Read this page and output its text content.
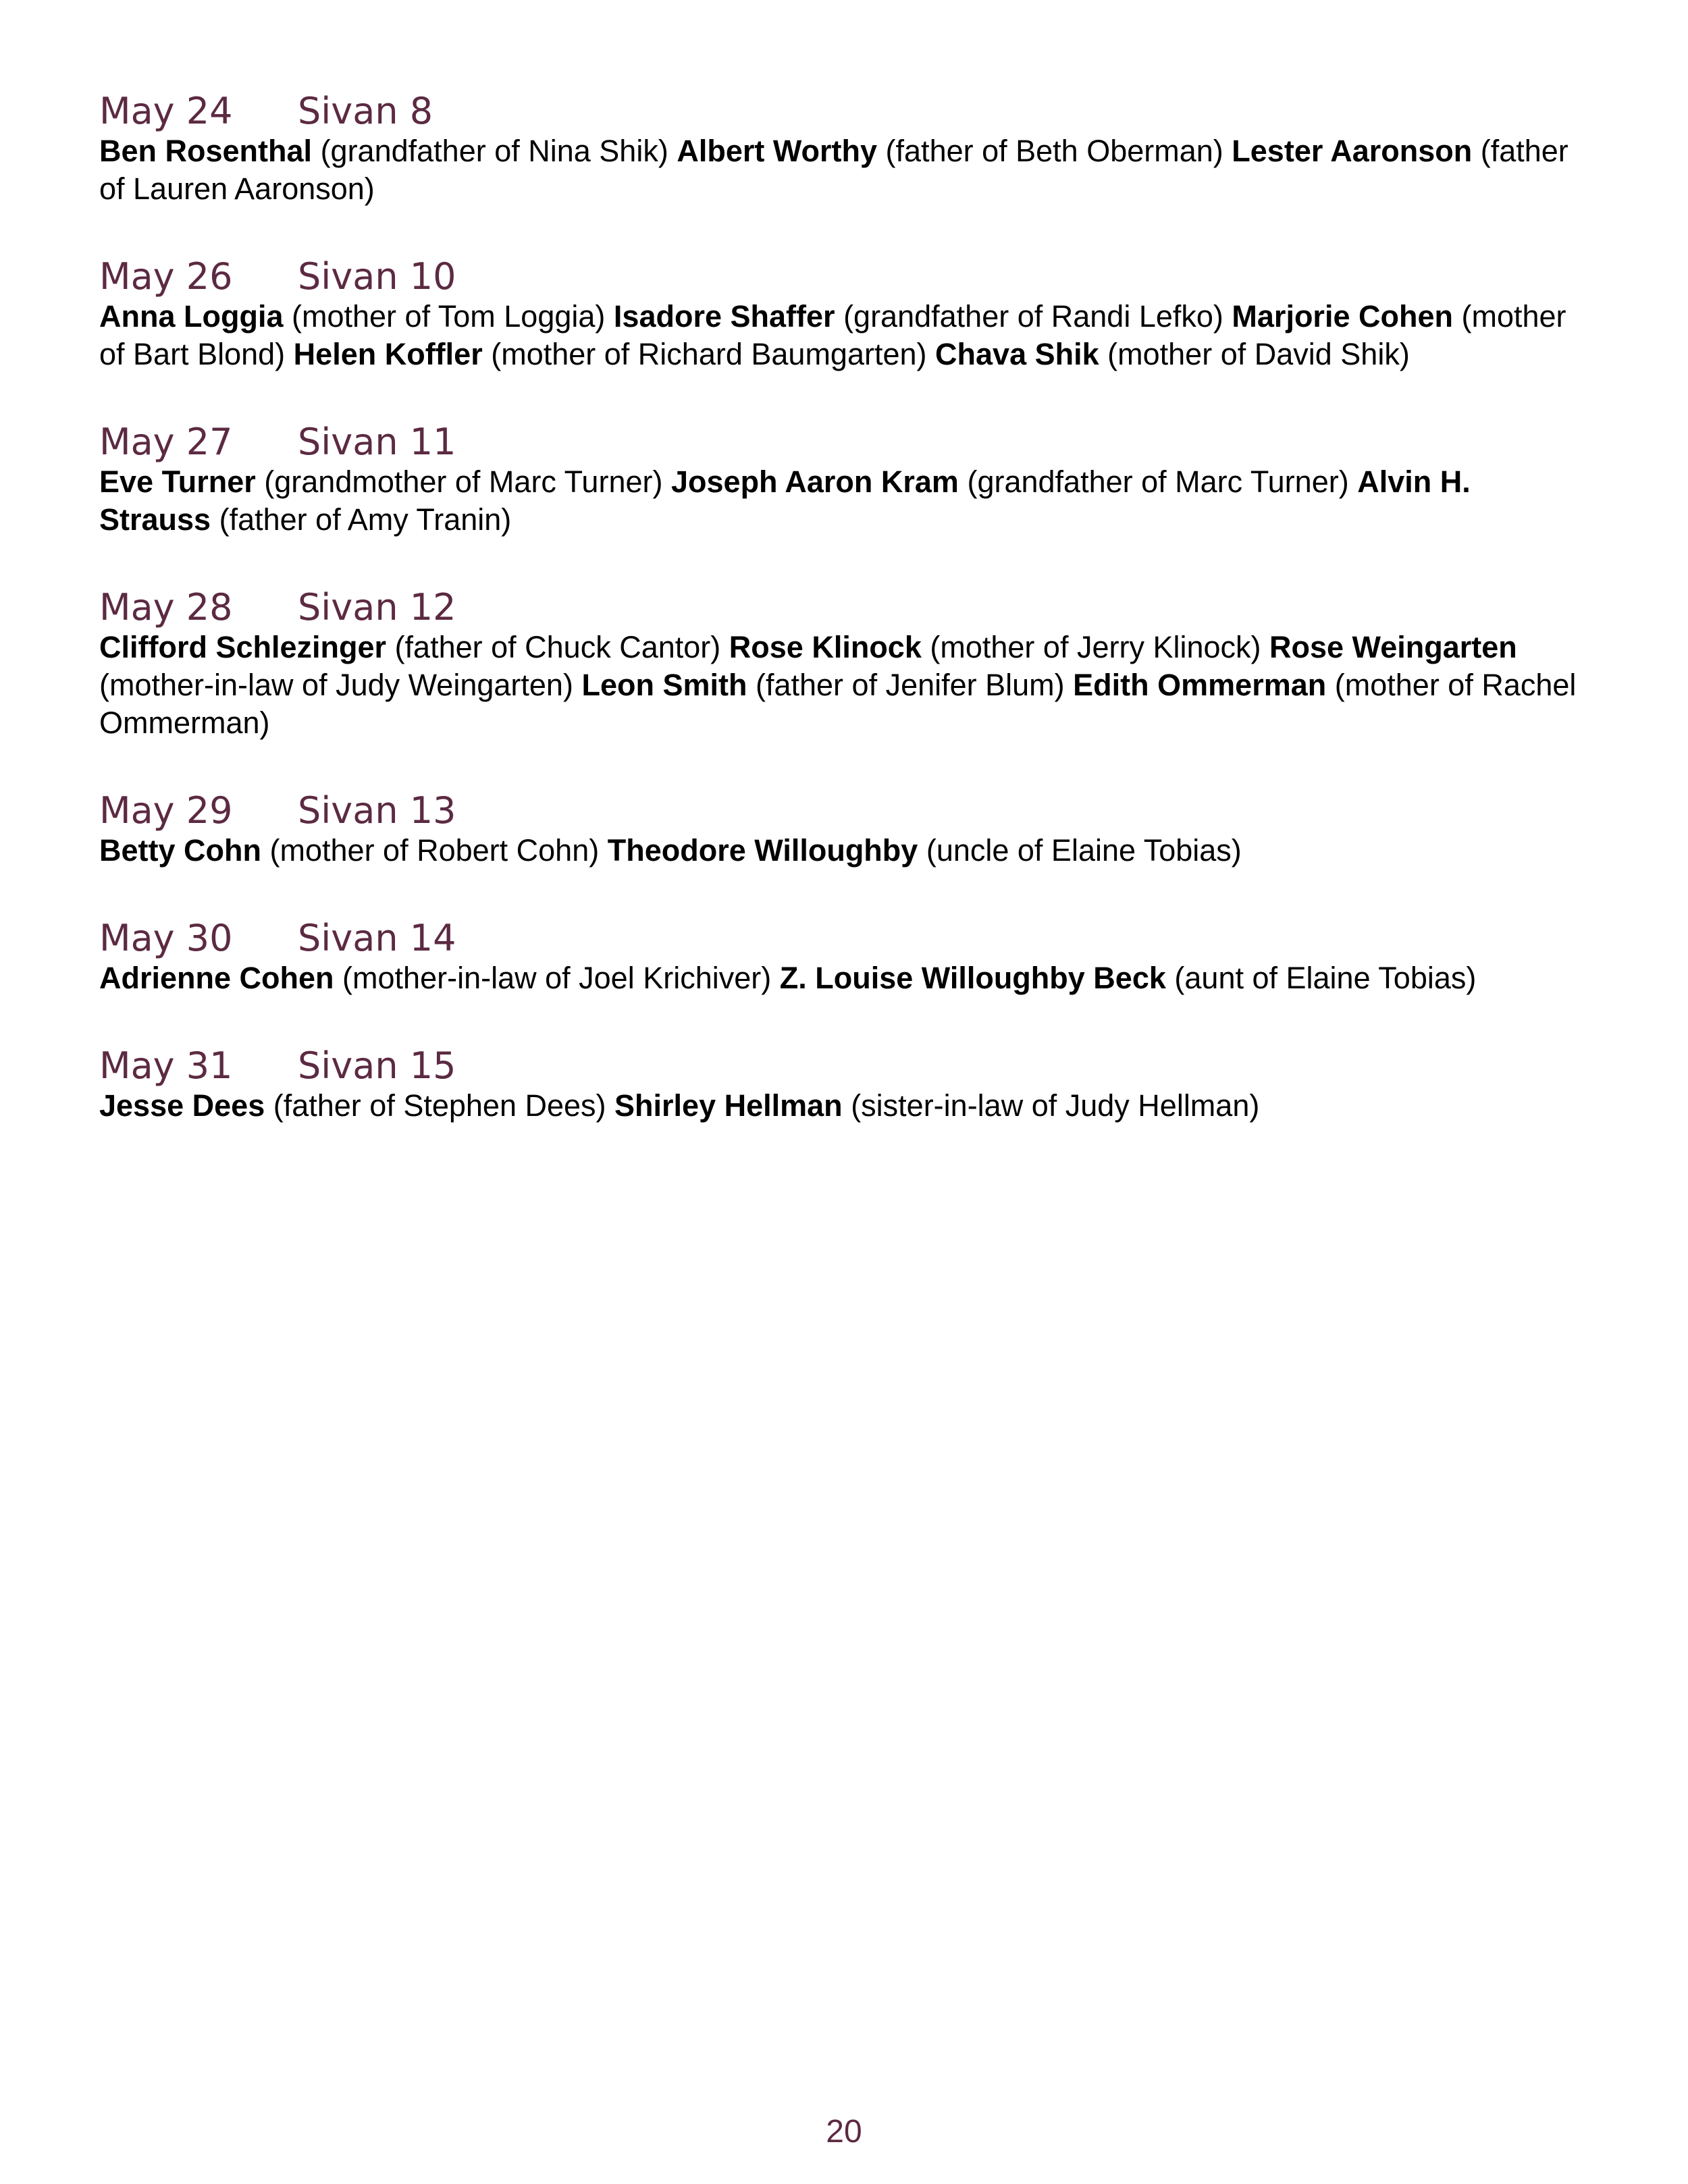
May 24 Sivan 8
Ben Rosenthal (grandfather of Nina Shik) Albert Worthy (father of Beth Oberman) Lester Aaronson (father of Lauren Aaronson)
May 26 Sivan 10
Anna Loggia (mother of Tom Loggia) Isadore Shaffer (grandfather of Randi Lefko) Marjorie Cohen (mother of Bart Blond) Helen Koffler (mother of Richard Baumgarten) Chava Shik (mother of David Shik)
May 27 Sivan 11
Eve Turner (grandmother of Marc Turner) Joseph Aaron Kram (grandfather of Marc Turner) Alvin H. Strauss (father of Amy Tranin)
May 28 Sivan 12
Clifford Schlezinger (father of Chuck Cantor) Rose Klinock (mother of Jerry Klinock) Rose Weingarten (mother-in-law of Judy Weingarten) Leon Smith (father of Jenifer Blum) Edith Ommerman (mother of Rachel Ommerman)
May 29 Sivan 13
Betty Cohn (mother of Robert Cohn) Theodore Willoughby (uncle of Elaine Tobias)
May 30 Sivan 14
Adrienne Cohen (mother-in-law of Joel Krichiver) Z. Louise Willoughby Beck (aunt of Elaine Tobias)
May 31 Sivan 15
Jesse Dees (father of Stephen Dees) Shirley Hellman (sister-in-law of Judy Hellman)
20
